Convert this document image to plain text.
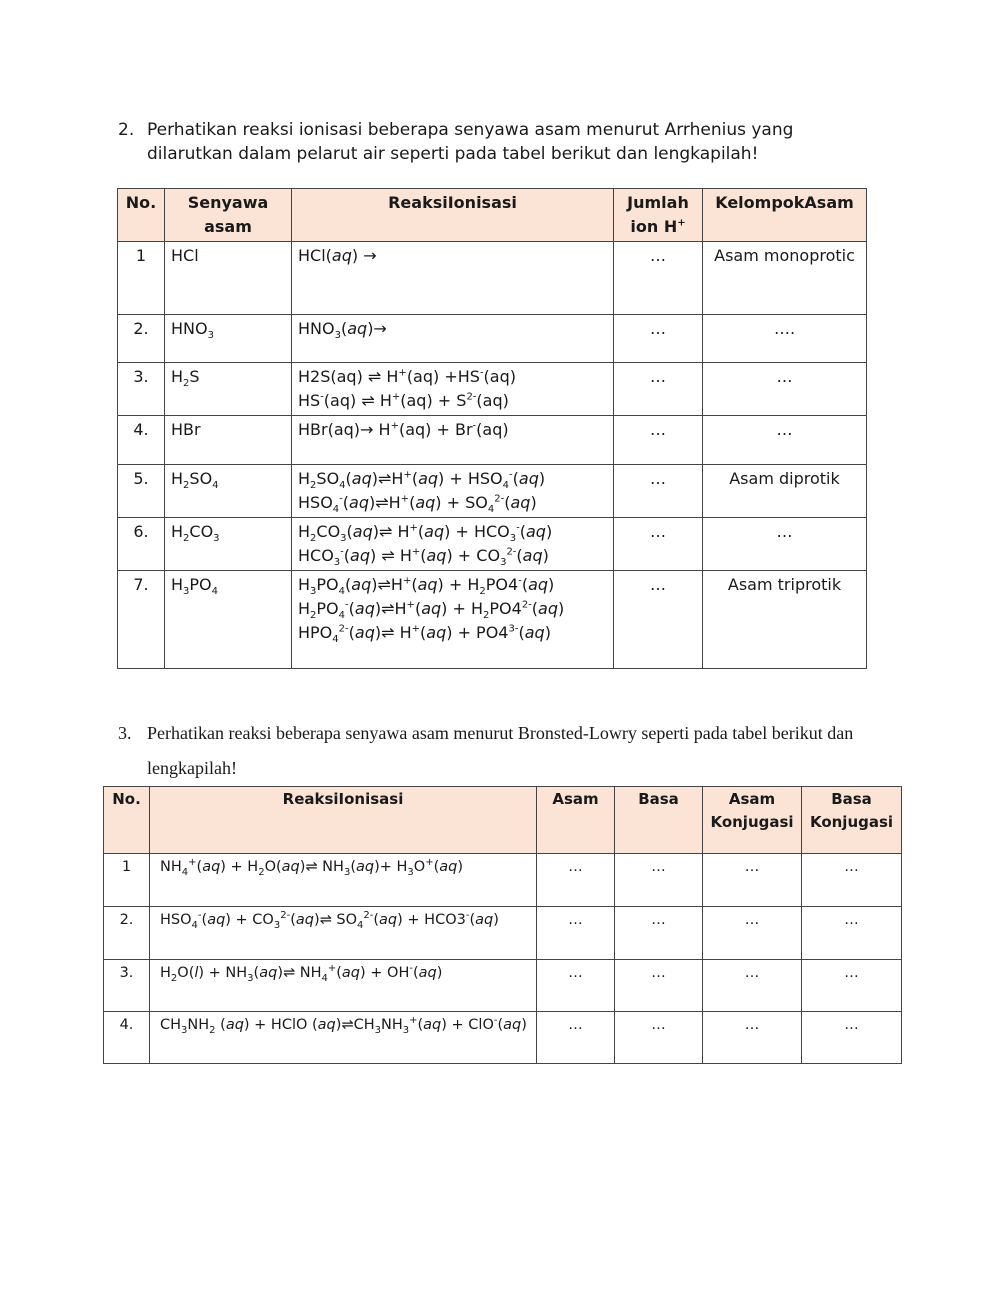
2. Perhatikan reaksi ionisasi beberapa senyawa asam menurut Arrhenius yang dilarutkan dalam pelarut air seperti pada tabel berikut dan lengkapilah!
No.	Senyawa asam	ReaksiIonisasi	Jumlah ion H+	KelompokAsam
1	HCl	HCl(aq) →	…	Asam monoprotic
2.	$HNO_3$	$HNO_3(aq)\to$	…	….
3.	$H_2S$	H2S(aq) ⇌ H+(aq) +HS-(aq)
HS-(aq) ⇌ $H^+(aq) + S^{2-}(aq)$	…	…
4.	HBr	HBr(aq)→ H+(aq) + Br-(aq)	…	…
5.	$H_2SO_4$	$H_2SO_4(aq)\rightleftharpoons H^+(aq) + HSO_4^-(aq)$
$HSO_4^-(aq)\rightleftharpoons H^+(aq) + SO_4^{2-}(aq)$	…	Asam diprotik
6.	$H_2CO_3$	$H_2CO_3(aq)\rightleftharpoons$ $H^+(aq) + HCO_3^-(aq)$
$HCO_3^-(aq)$ ⇌ $H^+(aq) + CO_3^{2-}(aq)$	…	…
7.	$H_3PO_4$	$H_3PO_4(aq)\rightleftharpoons H^+(aq) + H_2PO4^-(aq)$
$H_2PO_4^-(aq)\rightleftharpoons H^+(aq) + H_2PO4^{2-}(aq)$
$HPO_4^{2-}(aq)\rightleftharpoons$ $H^+(aq) + PO4^{3-}(aq)$	…	Asam triprotik
3. Perhatikan reaksi beberapa senyawa asam menurut Bronsted-Lowry seperti pada tabel berikut dan lengkapilah!
No.	ReaksiIonisasi	Asam	Basa	Asam Konjugasi	Basa Konjugasi
1	$NH_4^+(aq)$ + $H_2O(aq)\rightleftharpoons$ $NH_3(aq)+ H_3O^+(aq)$	…	…	…	…
2.	$HSO_4^-(aq)$ + $CO_3^{2-}(aq)\rightleftharpoons$ $SO_4^{2-}(aq) + HCO3^-(aq)$	…	…	…	…
3.	$H_2O(l)$ + $NH_3(aq)\rightleftharpoons$ $NH_4^+(aq) + OH^-(aq)$	…	…	…	…
4.	$CH_3NH_2$ (aq) + HClO $(aq)\rightleftharpoons CH_3NH_3^+(aq) + ClO^-(aq)$	…	…	…	…
